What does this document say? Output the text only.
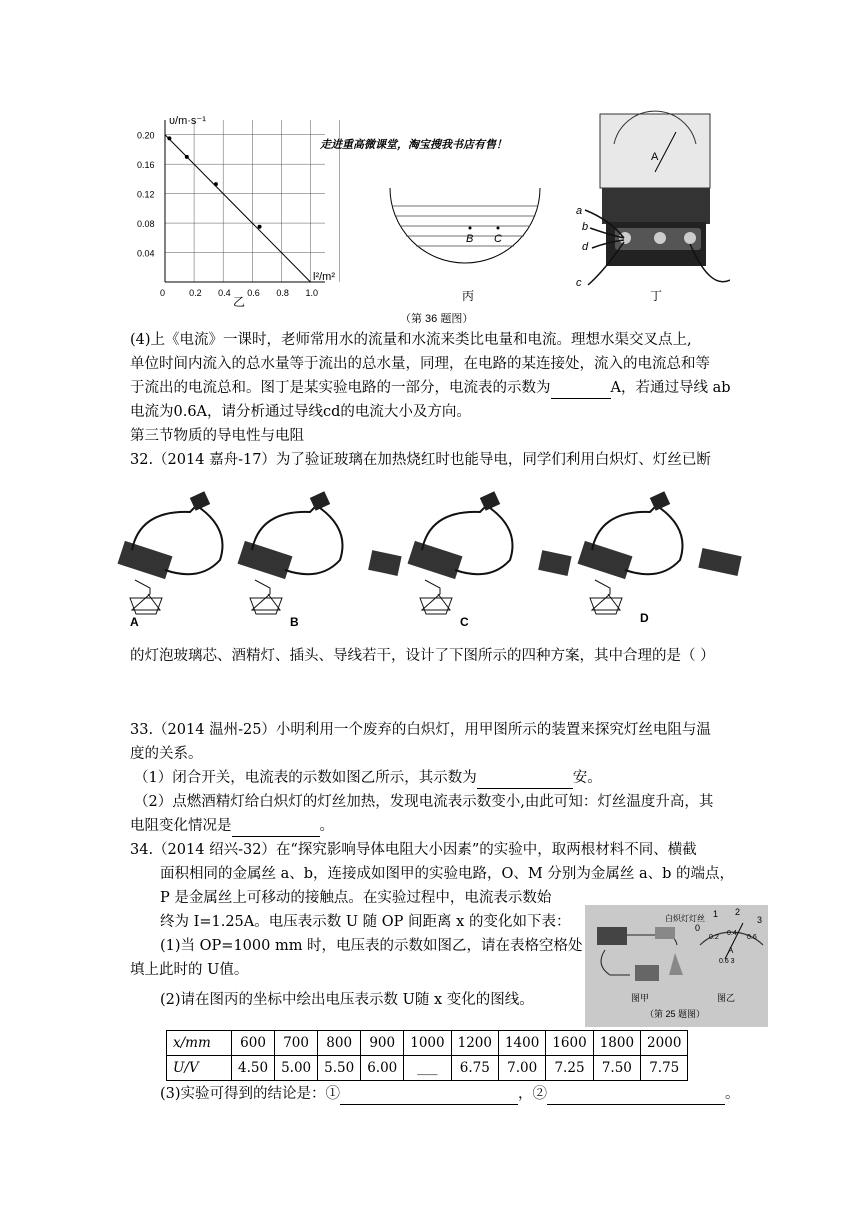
0.20
0.16
0.12
0.08
0.04
0	0.2 0.4 0.6 0.8 1.0
υ/m·s⁻¹
l²/m²
乙
走进重高微课堂，淘宝搜我书店有售！
B C
丙
A
a
b
d
c
丁
（第 36 题图）
(4)上《电流》一课时，老师常用水的流量和水流来类比电量和电流。理想水渠交叉点上,
单位时间内流入的总水量等于流出的总水量，同理，在电路的某连接处，流入的电流总和等
于流出的电流总和。图丁是某实验电路的一部分，电流表的示数为	A，若通过导线 ab
电流为0.6A，请分析通过导线cd的电流大小及方向。
第三节物质的导电性与电阻
32.（2014 嘉舟-17）为了验证玻璃在加热烧红时也能导电，同学们利用白炽灯、灯丝已断
A	B	C	D
的灯泡玻璃芯、酒精灯、插头、导线若干，设计了下图所示的四种方案，其中合理的是（ ）
33.（2014 温州-25）小明利用一个废弃的白炽灯，用甲图所示的装置来探究灯丝电阻与温
度的关系。
（1）闭合开关，电流表的示数如图乙所示，其示数为	安。
（2）点燃酒精灯给白炽灯的灯丝加热，发现电流表示数变小,由此可知：灯丝温度升高，其
电阻变化情况是	。
34.（2014 绍兴-32）在“探究影响导体电阻大小因素”的实验中，取两根材料不同、横截
面积相同的金属丝 a、b，连接成如图甲的实验电路，O、M 分别为金属丝 a、b 的端点，
P 是金属丝上可移动的接触点。在实验过程中，电流表示数始
终为 I=1.25A。电压表示数 U 随 OP 间距离 x 的变化如下表：
(1)当 OP=1000 mm 时，电压表的示数如图乙，请在表格空格处
填上此时的 U值。
(2)请在图丙的坐标中绘出电压表示数 U随 x 变化的图线。
0
1 2
3
0.2
0.4
0.6
A
0.6 3
白炽灯灯丝
图甲	图乙
（第 25 题图）
x/mm	600	700	800	900	1000	1200	1400	1600	1800	2000
U/V	4.50	5.00	5.50	6.00	___	6.75	7.00	7.25	7.50	7.75
(3)实验可得到的结论是：①	，②	。
